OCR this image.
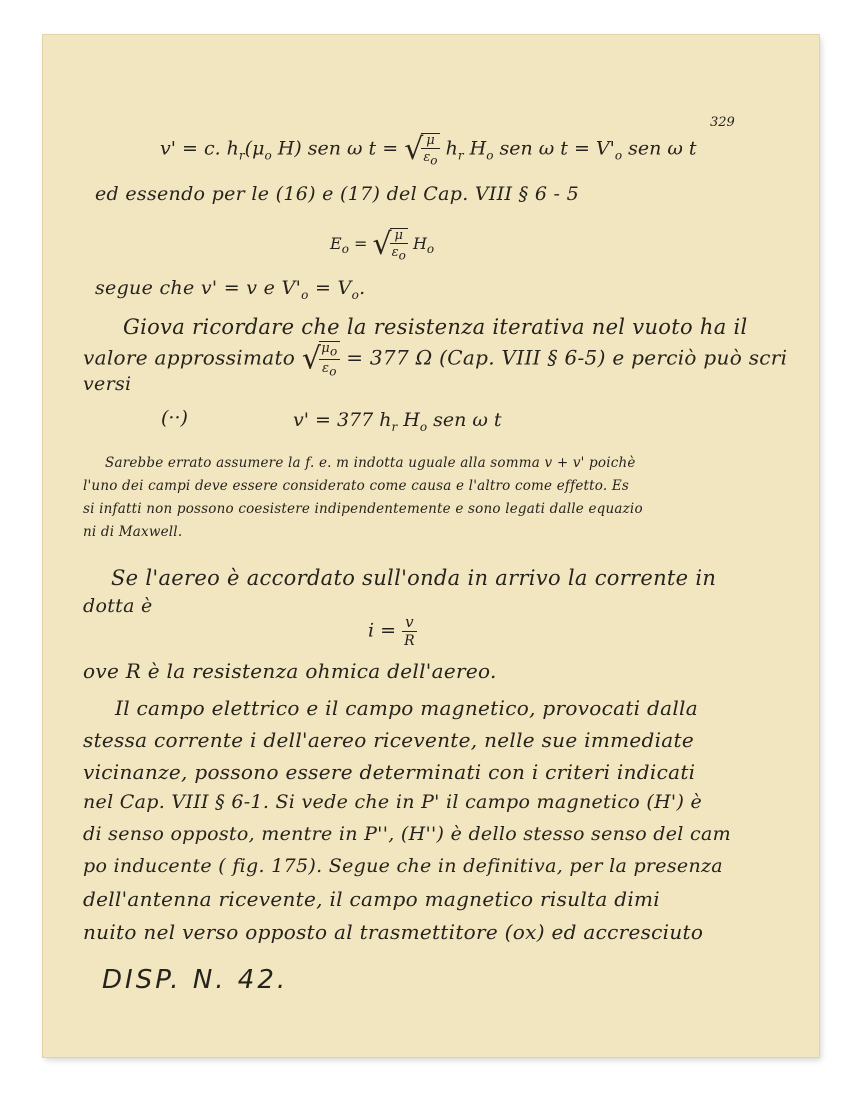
329
v' = c. $h_r(\mu_o$ H) sen ω t = √
$\frac{\mu}{\varepsilon_o} h_r$ $H_o$ sen ω $t = V'_o$ sen ω t
ed essendo per le (16) e (17) del Cap. VIII § 6 - 5
$E_o$ = √
$\frac{\mu}{\varepsilon_o} H_o$
segue che v' = v e $V'_o = V_o$.
Giova ricordare che la resistenza iterativa nel vuoto ha il
valore approssimato √
$\frac{\mu_o}{\varepsilon_o} = 377$ Ω (Cap. VIII § 6-5) e perciò può scri
versi
(··)	v' = 377 $h_r$ $H_o$ sen ω t
Sarebbe errato assumere la f. e. m indotta uguale alla somma v + v' poichè
l'uno dei campi deve essere considerato come causa e l'altro come effetto. Es
si infatti non possono coesistere indipendentemente e sono legati dalle equazio
ni di Maxwell.
Se l'aereo è accordato sull'onda in arrivo la corrente in
dotta è
$i = \frac{v}{R}$
ove R è la resistenza ohmica dell'aereo.
Il campo elettrico e il campo magnetico, provocati dalla
stessa corrente i dell'aereo ricevente, nelle sue immediate
vicinanze, possono essere determinati con i criteri indicati
nel Cap. VIII § 6-1. Si vede che in P' il campo magnetico (H') è
di senso opposto, mentre in P'', (H'') è dello stesso senso del cam
po inducente ( fig. 175). Segue che in definitiva, per la presenza
dell'antenna ricevente, il campo magnetico risulta dimi
nuito nel verso opposto al trasmettitore (ox) ed accresciuto
DISP. N. 42.
